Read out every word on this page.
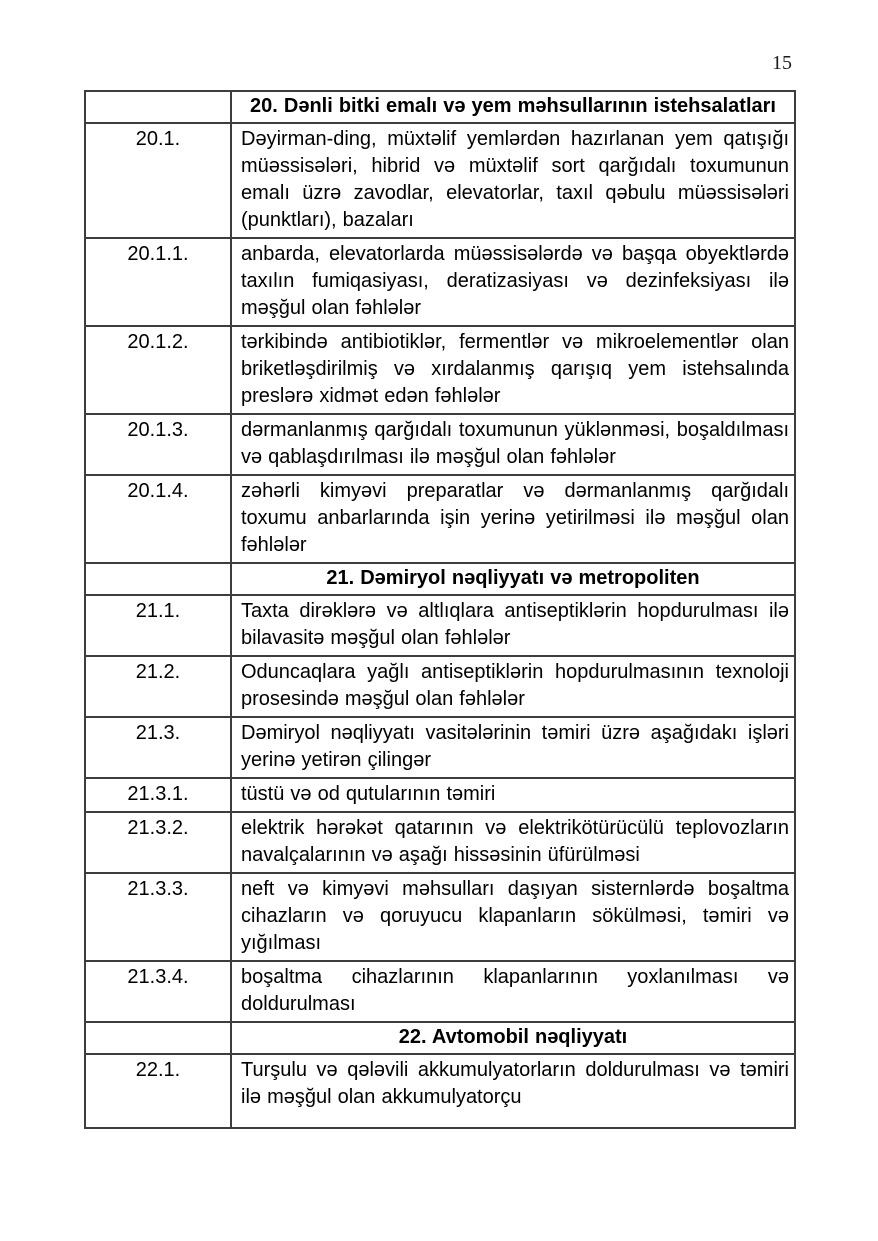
15
	20. Dənli bitki emalı və yem məhsullarının istehsalatları
20.1.	Dəyirman-ding, müxtəlif yemlərdən hazırlanan yem qatışığı müəssisələri, hibrid və müxtəlif sort qarğıdalı toxumunun emalı üzrə zavodlar, elevatorlar, taxıl qəbulu müəssisələri (punktları), bazaları
20.1.1.	anbarda, elevatorlarda müəssisələrdə və başqa obyektlərdə taxılın fumiqasiyası, deratizasiyası və dezinfeksiyası ilə məşğul olan fəhlələr
20.1.2.	tərkibində antibiotiklər, fermentlər və mikroelementlər olan briketləşdirilmiş və xırdalanmış qarışıq yem istehsalında preslərə xidmət edən fəhlələr
20.1.3.	dərmanlanmış qarğıdalı toxumunun yüklənməsi, boşaldılması və qablaşdırılması ilə məşğul olan fəhlələr
20.1.4.	zəhərli kimyəvi preparatlar və dərmanlanmış qarğıdalı toxumu anbarlarında işin yerinə yetirilməsi ilə məşğul olan fəhlələr
	21. Dəmiryol nəqliyyatı və metropoliten
21.1.	Taxta dirəklərə və altlıqlara antiseptiklərin hopdurulması ilə bilavasitə məşğul olan fəhlələr
21.2.	Oduncaqlara yağlı antiseptiklərin hopdurulmasının texnoloji prosesində məşğul olan fəhlələr
21.3.	Dəmiryol nəqliyyatı vasitələrinin təmiri üzrə aşağıdakı işləri yerinə yetirən çilingər
21.3.1.	tüstü və od qutularının təmiri
21.3.2.	elektrik hərəkət qatarının və elektrikötürücülü teplovozların navalçalarının və aşağı hissəsinin üfürülməsi
21.3.3.	neft və kimyəvi məhsulları daşıyan sisternlərdə boşaltma cihazların və qoruyucu klapanların sökülməsi, təmiri və yığılması
21.3.4.	boşaltma cihazlarının klapanlarının yoxlanılması və doldurulması
	22. Avtomobil nəqliyyatı
22.1.	Turşulu və qələvili akkumulyatorların doldurulması və təmiri ilə məşğul olan akkumulyatorçu
